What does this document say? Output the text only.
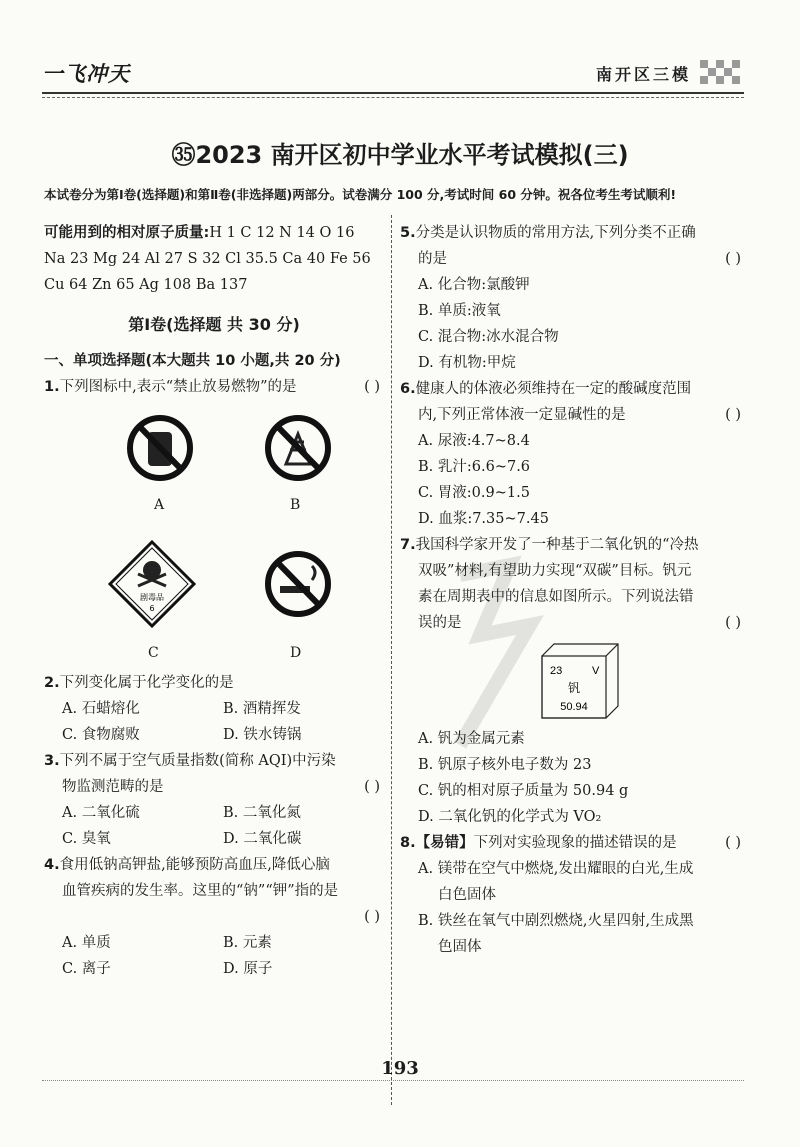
一飞冲天	南开区三模
㉟2023 南开区初中学业水平考试模拟(三)
本试卷分为第Ⅰ卷(选择题)和第Ⅱ卷(非选择题)两部分。试卷满分 100 分,考试时间 60 分钟。祝各位考生考试顺利!

可能用到的相对原子质量:H 1 C 12 N 14 O 16

Na 23 Mg 24 Al 27 S 32 Cl 35.5 Ca 40 Fe 56

Cu 64 Zn 65 Ag 108 Ba 137

第Ⅰ卷(选择题 共 30 分)

一、单项选择题(本大题共 10 小题,共 20 分)

1.下列图标中,表示“禁止放易燃物”的是	( )

A	B
剧毒品
6
C	D

2.下列变化属于化学变化的是

A. 石蜡熔化	B. 酒精挥发
C. 食物腐败	D. 铁水铸锅

3.下列不属于空气质量指数(简称 AQI)中污染

物监测范畴的是	( )

A. 二氧化硫	B. 二氧化氮
C. 臭氧	D. 二氧化碳

4.食用低钠高钾盐,能够预防高血压,降低心脑

血管疾病的发生率。这里的“钠”“钾”指的是

( )

A. 单质	B. 元素
C. 离子	D. 原子

5.分类是认识物质的常用方法,下列分类不正确

的是	( )

A. 化合物:氯酸钾

B. 单质:液氧

C. 混合物:冰水混合物

D. 有机物:甲烷

6.健康人的体液必须维持在一定的酸碱度范围

内,下列正常体液一定显碱性的是	( )

A. 尿液:4.7~8.4

B. 乳汁:6.6~7.6

C. 胃液:0.9~1.5

D. 血浆:7.35~7.45

7.我国科学家开发了一种基于二氧化钒的“冷热

双吸”材料,有望助力实现“双碳”目标。钒元

素在周期表中的信息如图所示。下列说法错

误的是	( )

23	V
钒
50.94

A. 钒为金属元素

B. 钒原子核外电子数为 23

C. 钒的相对原子质量为 50.94 g

D. 二氧化钒的化学式为 VO₂

8.【易错】下列对实验现象的描述错误的是	( )

A. 镁带在空气中燃烧,发出耀眼的白光,生成

白色固体

B. 铁丝在氧气中剧烈燃烧,火星四射,生成黑

色固体

193
